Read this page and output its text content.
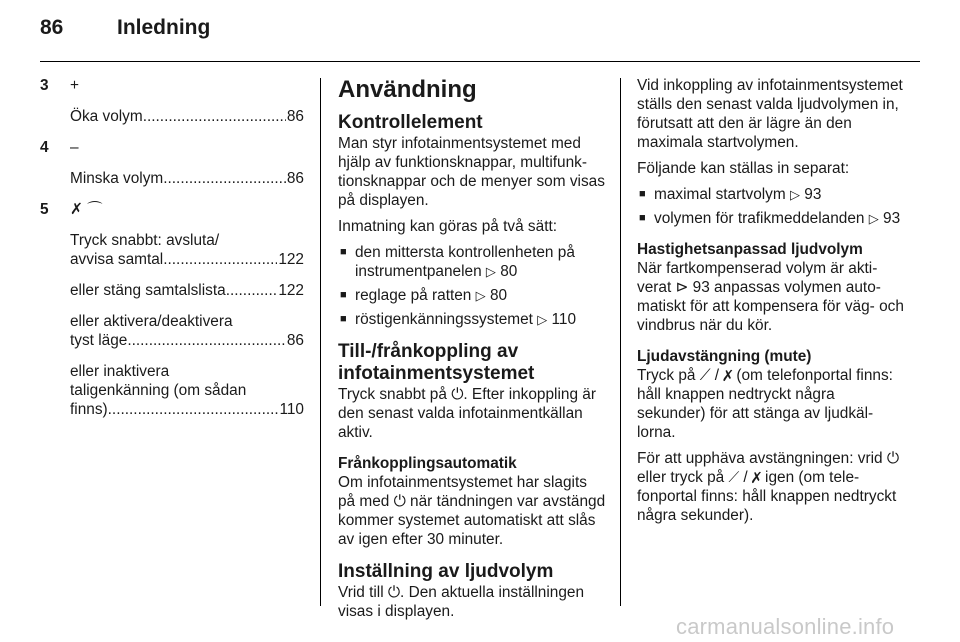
86	Inledning
3 +
Öka volym .....	86
4 –
Minska volym .....	86
5 ✗ ⌒
Tryck snabbt: avsluta/
avvisa samtal .....	122
eller stäng samtalslista .....	122
eller aktivera/deaktivera
tyst läge .....	86
eller inaktivera
taligenkänning (om sådan
finns) .....	110
Användning
Kontrollelement

Man styr infotainmentsystemet med hjälp av funktionsknappar, multifunktionsknappar och de menyer som visas på displayen.

Inmatning kan göras på två sätt:

■ den mittersta kontrollenheten på instrumentpanelen ▷ 80
■ reglage på ratten ▷ 80
■ röstigenkänningssystemet ▷ 110
Till-/frånkoppling av infotainmentsystemet

Tryck snabbt på ⏻. Efter inkoppling är den senast valda infotainmentkällan aktiv.

Frånkopplingsautomatik

Om infotainmentsystemet har slagits på med ⏻ när tändningen var avstängd kommer systemet automatiskt att slås av igen efter 30 minuter.

Inställning av ljudvolym

Vrid till ⏻. Den aktuella inställningen visas i displayen.

Vid inkoppling av infotainmentsystemet ställs den senast valda ljudvolymen in, förutsatt att den är lägre än den maximala startvolymen.

Följande kan ställas in separat:

■ maximal startvolym ▷ 93
■ volymen för trafikmeddelanden ▷ 93
Hastighetsanpassad ljudvolym

När fartkompenserad volym är aktiverat ⊳ 93 anpassas volymen automatiskt för att kompensera för väg- och vindbrus när du kör.

Ljudavstängning (mute)

Tryck på ⟋ / ✗ (om telefonportal finns: håll knappen nedtryckt några sekunder) för att stänga av ljudkällorna.

För att upphäva avstängningen: vrid ⏻ eller tryck på ⟋ / ✗ igen (om telefonportal finns: håll knappen nedtryckt några sekunder).

carmanualsonline.info
